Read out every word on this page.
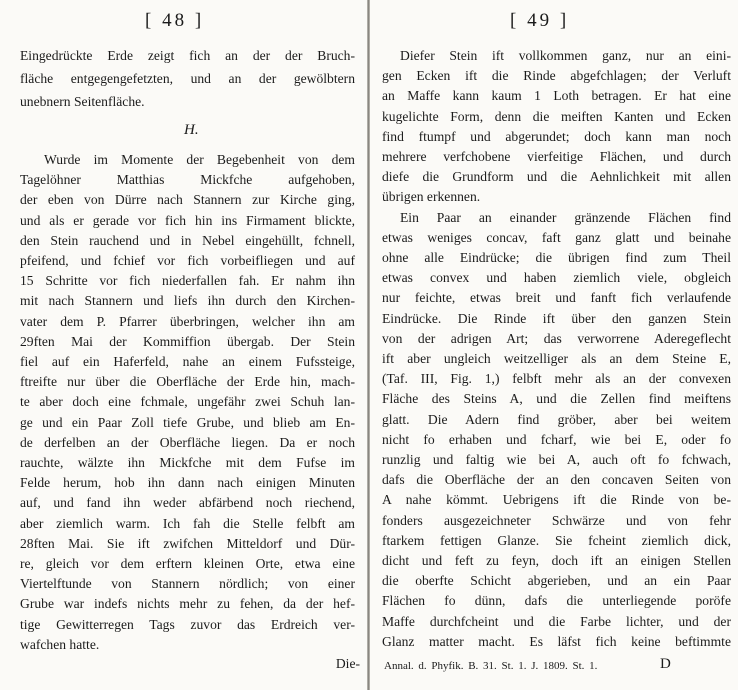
[ 48 ]
Eingedrückte Erde zeigt fich an der der Bruch-
fläche entgegengefetzten, und an der gewölbtern
unebnern Seitenfläche.
H.
Wurde im Momente der Begebenheit von dem
Tagelöhner Matthias Mickfche aufgehoben,
der eben von Dürre nach Stannern zur Kirche ging,
und als er gerade vor fich hin ins Firmament blickte,
den Stein rauchend und in Nebel eingehüllt, fchnell,
pfeifend, und fchief vor fich vorbeifliegen und auf
15 Schritte vor fich niederfallen fah. Er nahm ihn
mit nach Stannern und liefs ihn durch den Kirchen-
vater dem P. Pfarrer überbringen, welcher ihn am
29ften Mai der Kommiffion übergab. Der Stein
fiel auf ein Haferfeld, nahe an einem Fufssteige,
ftreifte nur über die Oberfläche der Erde hin, mach-
te aber doch eine fchmale, ungefähr zwei Schuh lan-
ge und ein Paar Zoll tiefe Grube, und blieb am En-
de derfelben an der Oberfläche liegen. Da er noch
rauchte, wälzte ihn Mickfche mit dem Fufse im
Felde herum, hob ihn dann nach einigen Minuten
auf, und fand ihn weder abfärbend noch riechend,
aber ziemlich warm. Ich fah die Stelle felbft am
28ften Mai. Sie ift zwifchen Mitteldorf und Dür-
re, gleich vor dem erftern kleinen Orte, etwa eine
Viertelftunde von Stannern nördlich; von einer
Grube war indefs nichts mehr zu fehen, da der hef-
tige Gewitterregen Tags zuvor das Erdreich ver-
wafchen hatte.
Die-
[ 49 ]
Diefer Stein ift vollkommen ganz, nur an eini-
gen Ecken ift die Rinde abgefchlagen; der Verluft
an Maffe kann kaum 1 Loth betragen. Er hat eine
kugelichte Form, denn die meiften Kanten und Ecken
find ftumpf und abgerundet; doch kann man noch
mehrere verfchobene vierfeitige Flächen, und durch
diefe die Grundform und die Aehnlichkeit mit allen
übrigen erkennen.
Ein Paar an einander gränzende Flächen find
etwas weniges concav, faft ganz glatt und beinahe
ohne alle Eindrücke; die übrigen find zum Theil
etwas convex und haben ziemlich viele, obgleich
nur feichte, etwas breit und fanft fich verlaufende
Eindrücke. Die Rinde ift über den ganzen Stein
von der adrigen Art; das verworrene Aderegeflecht
ift aber ungleich weitzelliger als an dem Steine E,
(Taf. III, Fig. 1,) felbft mehr als an der convexen
Fläche des Steins A, und die Zellen find meiftens
glatt. Die Adern find gröber, aber bei weitem
nicht fo erhaben und fcharf, wie bei E, oder fo
runzlig und faltig wie bei A, auch oft fo fchwach,
dafs die Oberfläche der an den concaven Seiten von
A nahe kömmt. Uebrigens ift die Rinde von be-
fonders ausgezeichneter Schwärze und von fehr
ftarkem fettigen Glanze. Sie fcheint ziemlich dick,
dicht und feft zu feyn, doch ift an einigen Stellen
die oberfte Schicht abgerieben, und an ein Paar
Flächen fo dünn, dafs die unterliegende poröfe
Maffe durchfcheint und die Farbe lichter, und der
Glanz matter macht. Es läfst fich keine beftimmte
Annal. d. Phyfik. B. 31. St. 1. J. 1809. St. 1.	D
